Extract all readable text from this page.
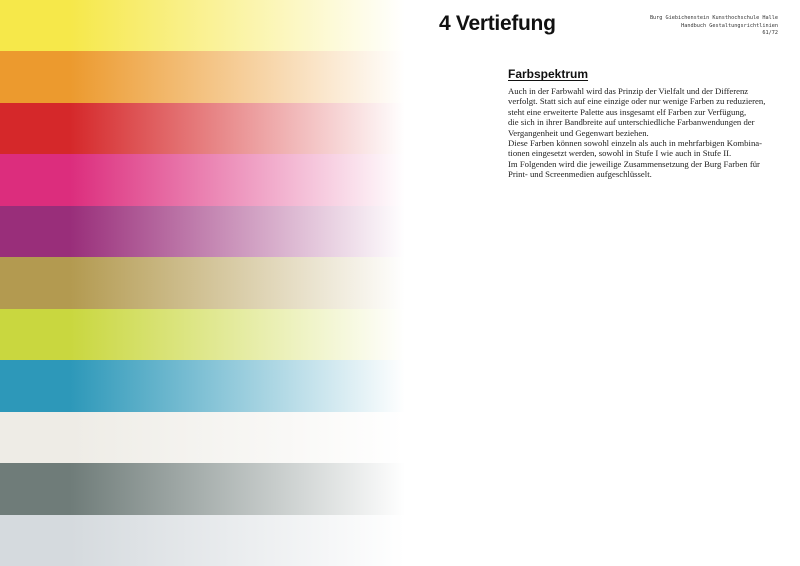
4 Vertiefung	Burg Giebichenstein Kunsthochschule Halle
Handbuch Gestaltungsrichtlinien
61/72
Farbspektrum
Auch in der Farbwahl wird das Prinzip der Vielfalt und der Differenz
verfolgt. Statt sich auf eine einzige oder nur wenige Farben zu reduzieren,
steht eine erweiterte Palette aus insgesamt elf Farben zur Verfügung,
die sich in ihrer Bandbreite auf unterschiedliche Farbanwendungen der
Vergangenheit und Gegenwart beziehen.
Diese Farben können sowohl einzeln als auch in mehrfarbigen Kombina-
tionen eingesetzt werden, sowohl in Stufe I wie auch in Stufe II.
Im Folgenden wird die jeweilige Zusammensetzung der Burg Farben für
Print- und Screenmedien aufgeschlüsselt.
